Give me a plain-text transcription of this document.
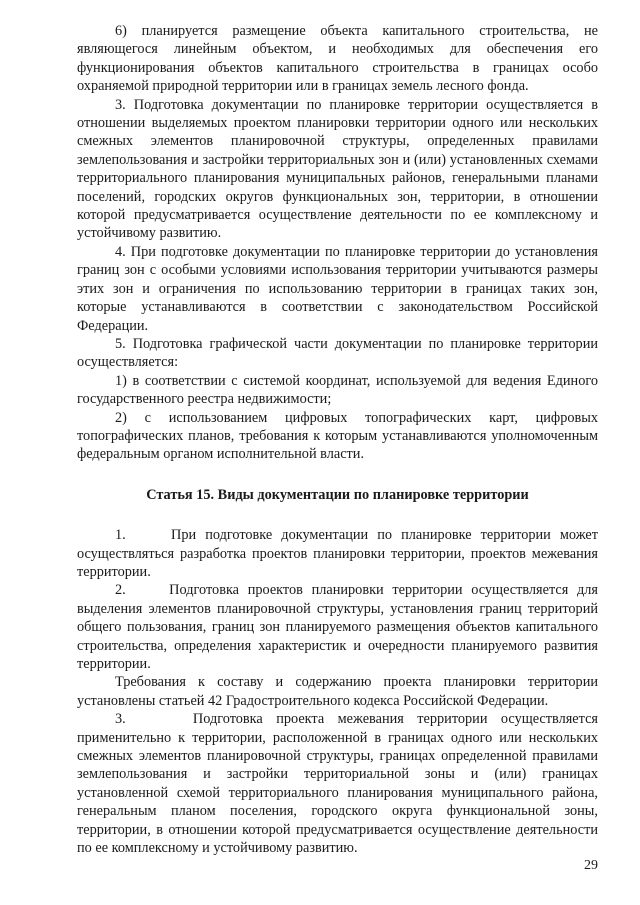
6) планируется размещение объекта капитального строительства, не являющегося линейным объектом, и необходимых для обеспечения его функционирования объектов капитального строительства в границах особо охраняемой природной территории или в границах земель лесного фонда.

3. Подготовка документации по планировке территории осуществляется в отношении выделяемых проектом планировки территории одного или нескольких смежных элементов планировочной структуры, определенных правилами землепользования и застройки территориальных зон и (или) установленных схемами территориального планирования муниципальных районов, генеральными планами поселений, городских округов функциональных зон, территории, в отношении которой предусматривается осуществление деятельности по ее комплексному и устойчивому развитию.

4. При подготовке документации по планировке территории до установления границ зон с особыми условиями использования территории учитываются размеры этих зон и ограничения по использованию территории в границах таких зон, которые устанавливаются в соответствии с законодательством Российской Федерации.

5. Подготовка графической части документации по планировке территории осуществляется:

1) в соответствии с системой координат, используемой для ведения Единого государственного реестра недвижимости;

2) с использованием цифровых топографических карт, цифровых топографических планов, требования к которым устанавливаются уполномоченным федеральным органом исполнительной власти.

Статья 15. Виды документации по планировке территории

1.     При подготовке документации по планировке территории может осуществляться разработка проектов планировки территории, проектов межевания территории.

2.     Подготовка проектов планировки территории осуществляется для выделения элементов планировочной структуры, установления границ территорий общего пользования, границ зон планируемого размещения объектов капитального строительства, определения характеристик и очередности планируемого развития территории.

Требования к составу и содержанию проекта планировки территории установлены статьей 42 Градостроительного кодекса Российской Федерации.

3.     Подготовка проекта межевания территории осуществляется применительно к территории, расположенной в границах одного или нескольких смежных элементов планировочной структуры, границах определенной правилами землепользования и застройки территориальной зоны и (или) границах установленной схемой территориального планирования муниципального района, генеральным планом поселения, городского округа функциональной зоны, территории, в отношении которой предусматривается осуществление деятельности по ее комплексному и устойчивому развитию.

29
